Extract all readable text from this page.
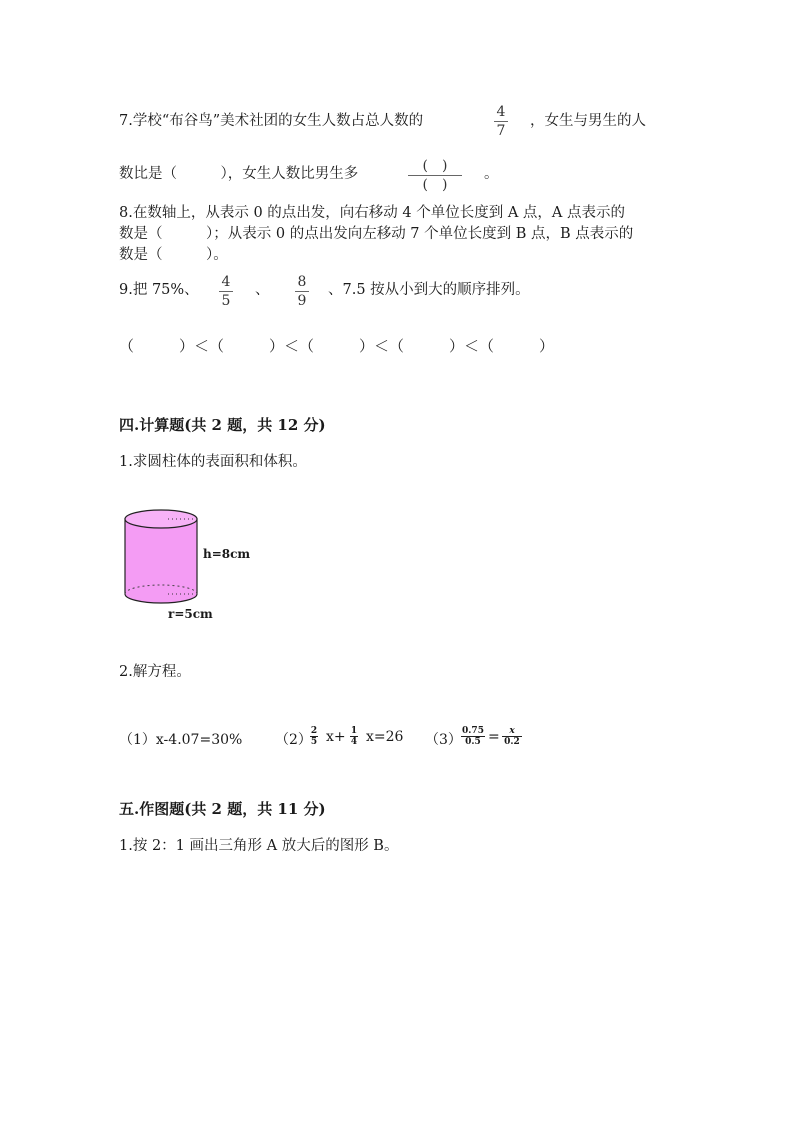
7.学校“布谷鸟”美术社团的女生人数占总人数的
4
7
，女生与男生的人
数比是（　　　），女生人数比男生多	(　)
(　)
。
8.在数轴上，从表示 0 的点出发，向右移动 4 个单位长度到 A 点，A 点表示的
数是（　　　）；从表示 0 的点出发向左移动 7 个单位长度到 B 点，B 点表示的
数是（　　　）。
9.把 75%、 4
5
、 8
9
、7.5 按从小到大的顺序排列。
（　　　）＜（　　　）＜（　　　）＜（　　　）＜（　　　）
四.计算题(共 2 题，共 12 分)
1.求圆柱体的表面积和体积。
h=8cm
r=5cm
2.解方程。
（1）x-4.07=30% （2）
2
5 x+ 1
4 x=26 （3）
0.75
0.5 =	x
0.2
五.作图题(共 2 题，共 11 分)
1.按 2：1 画出三角形 A 放大后的图形 B。
